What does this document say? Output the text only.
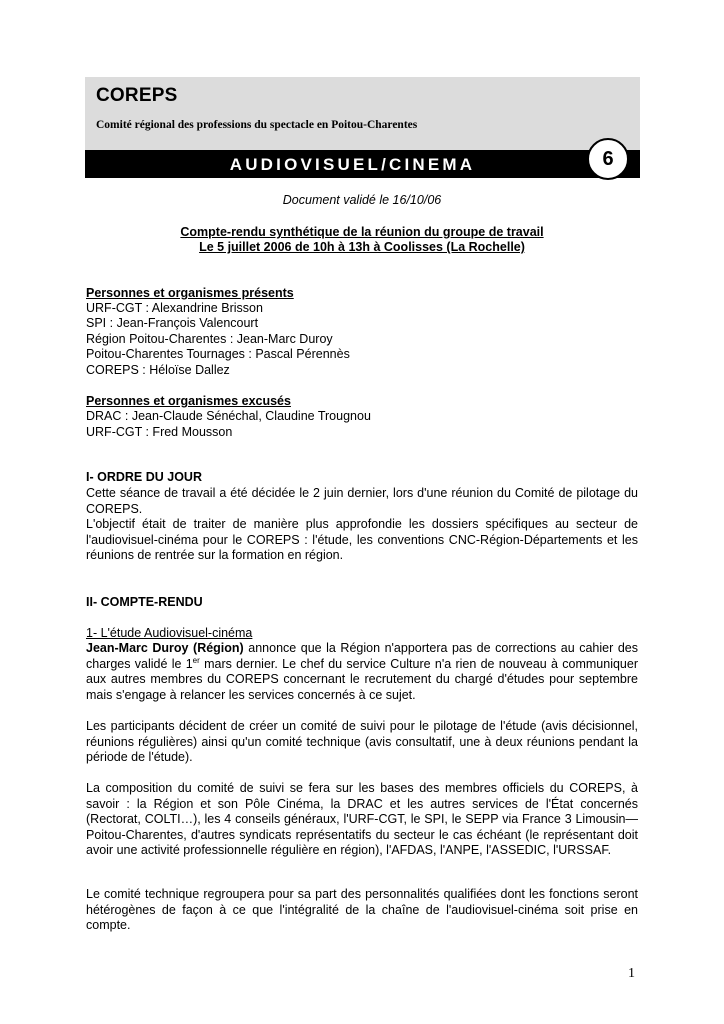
COREPS
Comité régional des professions du spectacle en Poitou-Charentes
AUDIOVISUEL/CINEMA	6
Document validé le 16/10/06
Compte-rendu synthétique de la réunion du groupe de travail
Le 5 juillet 2006 de 10h à 13h à Coolisses (La Rochelle)
Personnes et organismes présents
URF-CGT : Alexandrine Brisson
SPI : Jean-François Valencourt
Région Poitou-Charentes : Jean-Marc Duroy
Poitou-Charentes Tournages : Pascal Pérennès
COREPS : Héloïse Dallez
Personnes et organismes excusés
DRAC : Jean-Claude Sénéchal, Claudine Trougnou
URF-CGT : Fred Mousson
I- ORDRE DU JOUR
Cette séance de travail a été décidée le 2 juin dernier, lors d'une réunion du Comité de pilotage du COREPS.
L'objectif était de traiter de manière plus approfondie les dossiers spécifiques au secteur de l'audiovisuel-cinéma pour le COREPS : l'étude, les conventions CNC-Région-Départements et les réunions de rentrée sur la formation en région.
II- COMPTE-RENDU
1- L'étude Audiovisuel-cinéma
Jean-Marc Duroy (Région) annonce que la Région n'apportera pas de corrections au cahier des charges validé le 1er mars dernier. Le chef du service Culture n'a rien de nouveau à communiquer aux autres membres du COREPS concernant le recrutement du chargé d'études pour septembre mais s'engage à relancer les services concernés à ce sujet.
Les participants décident de créer un comité de suivi pour le pilotage de l'étude (avis décisionnel, réunions régulières) ainsi qu'un comité technique (avis consultatif, une à deux réunions pendant la période de l'étude).
La composition du comité de suivi se fera sur les bases des membres officiels du COREPS, à savoir : la Région et son Pôle Cinéma, la DRAC et les autres services de l'État concernés (Rectorat, COLTI…), les 4 conseils généraux, l'URF-CGT, le SPI, le SEPP via France 3 Limousin—Poitou-Charentes, d'autres syndicats représentatifs du secteur le cas échéant (le représentant doit avoir une activité professionnelle régulière en région), l'AFDAS, l'ANPE, l'ASSEDIC, l'URSSAF.
Le comité technique regroupera pour sa part des personnalités qualifiées dont les fonctions seront hétérogènes de façon à ce que l'intégralité de la chaîne de l'audiovisuel-cinéma soit prise en compte.
1
